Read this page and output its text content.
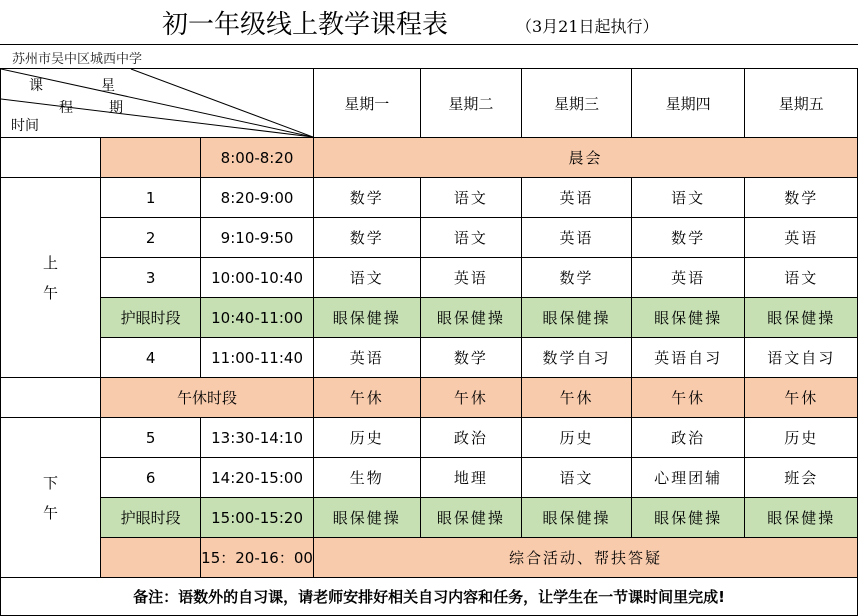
初一年级线上教学课程表	（3月21日起执行）
苏州市吴中区城西中学
课
程
星
期
时间			星期一	星期二	星期三	星期四	星期五
		8:00-8:20	晨会				
上
午	1	8:20-9:00	数学	语文	英语	语文	数学
	2	9:10-9:50	数学	语文	英语	数学	英语
	3	10:00-10:40	语文	英语	数学	英语	语文
	护眼时段	10:40-11:00	眼保健操	眼保健操	眼保健操	眼保健操	眼保健操
	4	11:00-11:40	英语	数学	数学自习	英语自习	语文自习
	午休时段		午休	午休	午休	午休	午休
下
午	5	13:30-14:10	历史	政治	历史	政治	历史
	6	14:20-15:00	生物	地理	语文	心理团辅	班会
	护眼时段	15:00-15:20	眼保健操	眼保健操	眼保健操	眼保健操	眼保健操
		15：20-16：00	综合活动、帮扶答疑				
备注：语数外的自习课，请老师安排好相关自习内容和任务，让学生在一节课时间里完成!							
